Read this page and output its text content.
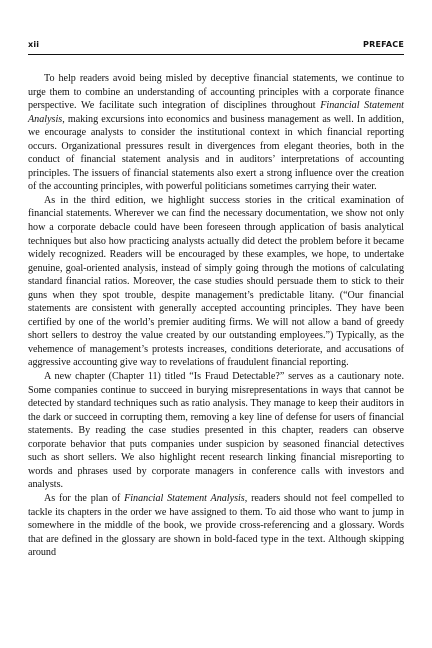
xii	PREFACE

To help readers avoid being misled by deceptive financial statements, we continue to urge them to combine an understanding of accounting principles with a corporate finance perspective. We facilitate such integration of disciplines throughout Financial Statement Analysis, making excursions into economics and business management as well. In addition, we encourage analysts to consider the institutional context in which financial reporting occurs. Organizational pressures result in divergences from elegant theories, both in the conduct of financial statement analysis and in auditors’ interpretations of accounting principles. The issuers of financial statements also exert a strong influence over the creation of the accounting principles, with powerful politicians sometimes carrying their water.

As in the third edition, we highlight success stories in the critical examination of financial statements. Wherever we can find the necessary documentation, we show not only how a corporate debacle could have been foreseen through application of basis analytical techniques but also how practicing analysts actually did detect the problem before it became widely recognized. Readers will be encouraged by these examples, we hope, to undertake genuine, goal-oriented analysis, instead of simply going through the motions of calculating standard financial ratios. Moreover, the case studies should persuade them to stick to their guns when they spot trouble, despite management’s predictable litany. (“Our financial statements are consistent with generally accepted accounting principles. They have been certified by one of the world’s premier auditing firms. We will not allow a band of greedy short sellers to destroy the value created by our outstanding employees.”) Typically, as the vehemence of management’s protests increases, conditions deteriorate, and accusations of aggressive accounting give way to revelations of fraudulent financial reporting.

A new chapter (Chapter 11) titled “Is Fraud Detectable?” serves as a cautionary note. Some companies continue to succeed in burying misrepresentations in ways that cannot be detected by standard techniques such as ratio analysis. They manage to keep their auditors in the dark or succeed in corrupting them, removing a key line of defense for users of financial statements. By reading the case studies presented in this chapter, readers can observe corporate behavior that puts companies under suspicion by seasoned financial detectives such as short sellers. We also highlight recent research linking financial misreporting to words and phrases used by corporate managers in conference calls with investors and analysts.

As for the plan of Financial Statement Analysis, readers should not feel compelled to tackle its chapters in the order we have assigned to them. To aid those who want to jump in somewhere in the middle of the book, we provide cross-referencing and a glossary. Words that are defined in the glossary are shown in bold-faced type in the text. Although skipping around
